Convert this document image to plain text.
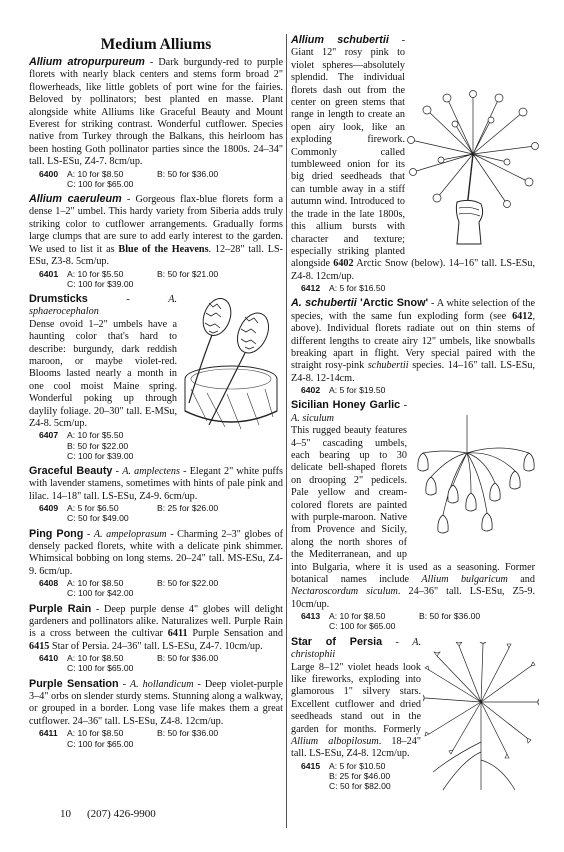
Medium Alliums

Allium atropurpureum - Dark burgundy-red to purple florets with nearly black centers and stems form broad 2" flowerheads, like little goblets of port wine for the fairies. Beloved by pollinators; best planted en masse. Plant alongside white Alliums like Graceful Beauty and Mount Everest for striking contrast. Wonderful cutflower. Species native from Turkey through the Balkans, this heirloom has been hosting Goth pollinator parties since the 1800s. 24–34" tall. LS-ESu, Z4-7. 8cm/up.

6400	A: 10 for $8.50	B: 50 for $36.00
C: 100 for $65.00

Allium caeruleum - Gorgeous flax-blue florets form a dense 1–2" umbel. This hardy variety from Siberia adds truly striking color to cutflower arrangements. Gradually forms large clumps that are sure to add early interest to the garden. We used to list it as Blue of the Heavens. 12–28" tall. LS-ESu, Z3-8. 5cm/up.

6401	A: 10 for $5.50	B: 50 for $21.00
C: 100 for $39.00

Drumsticks - A. sphaerocephalon
Dense ovoid 1–2" umbels have a haunting color that's hard to describe: burgundy, dark reddish maroon, or maybe violet-red. Blooms lasted nearly a month in one cool moist Maine spring. Wonderful poking up through daylily foliage. 20–30" tall. E-MSu, Z4-8. 5cm/up.

6407	A: 10 for $5.50
B: 50 for $22.00
C: 100 for $39.00

Graceful Beauty - A. amplectens - Elegant 2" white puffs with lavender stamens, sometimes with hints of pale pink and lilac. 14–18" tall. LS-ESu, Z4-9. 6cm/up.

6409	A: 5 for $6.50	B: 25 for $26.00
C: 50 for $49.00

Ping Pong - A. ampeloprasum - Charming 2–3" globes of densely packed florets, white with a delicate pink shimmer. Whimsical bobbing on long stems. 20–24" tall. MS-ESu, Z4-9. 6cm/up.

6408	A: 10 for $8.50	B: 50 for $22.00
C: 100 for $42.00

Purple Rain - Deep purple dense 4" globes will delight gardeners and pollinators alike. Naturalizes well. Purple Rain is a cross between the cultivar 6411 Purple Sensation and 6415 Star of Persia. 24–36" tall. LS-ESu, Z4-7. 10cm/up.

6410	A: 10 for $8.50	B: 50 for $36.00
C: 100 for $65.00

Purple Sensation - A. hollandicum - Deep violet-purple 3–4" orbs on slender sturdy stems. Stunning along a walkway, or grouped in a border. Long vase life makes them a great cutflower. 24–36" tall. LS-ESu, Z4-8. 12cm/up.

6411	A: 10 for $8.50	B: 50 for $36.00
C: 100 for $65.00

Allium schubertii - Giant 12" rosy pink to violet spheres—absolutely splendid. The individual florets dash out from the center on green stems that range in length to create an open airy look, like an exploding firework. Commonly called tumbleweed onion for its big dried seedheads that can tumble away in a stiff autumn wind. Introduced to the trade in the late 1800s, this allium bursts with character and texture; especially striking planted alongside 6402 Arctic Snow (below). 14–16" tall. LS-ESu, Z4-8. 12cm/up.

6412	A: 5 for $16.50

A. schubertii 'Arctic Snow' - A white selection of the species, with the same fun exploding form (see 6412, above). Individual florets radiate out on thin stems of different lengths to create airy 12" umbels, like snowballs breaking apart in flight. Very special paired with the straight rosy-pink schubertii species. 14–16" tall. LS-ESu, Z4-8. 12-14cm.

6402	A: 5 for $19.50

Sicilian Honey Garlic - A. siculum
This rugged beauty features 4–5" cascading umbels, each bearing up to 30 delicate bell-shaped florets on drooping 2" pedicels. Pale yellow and cream-colored florets are painted with purple-maroon. Native from Provence and Sicily, along the north shores of the Mediterranean, and up into Bulgaria, where it is used as a seasoning. Former botanical names include Allium bulgaricum and Nectaroscordum siculum. 24–36" tall. LS-ESu, Z5-9. 10cm/up.

6413	A: 10 for $8.50	B: 50 for $36.00
C: 100 for $65.00

Star of Persia - A. christophii
Large 8–12" violet heads look like fireworks, exploding into glamorous 1" silvery stars. Excellent cutflower and dried seedheads stand out in the garden for months. Formerly Allium albopilosum. 18–24" tall. LS-ESu, Z4-8. 12cm/up.

6415	A: 5 for $10.50
B: 25 for $46.00
C: 50 for $82.00
10 (207) 426-9900
